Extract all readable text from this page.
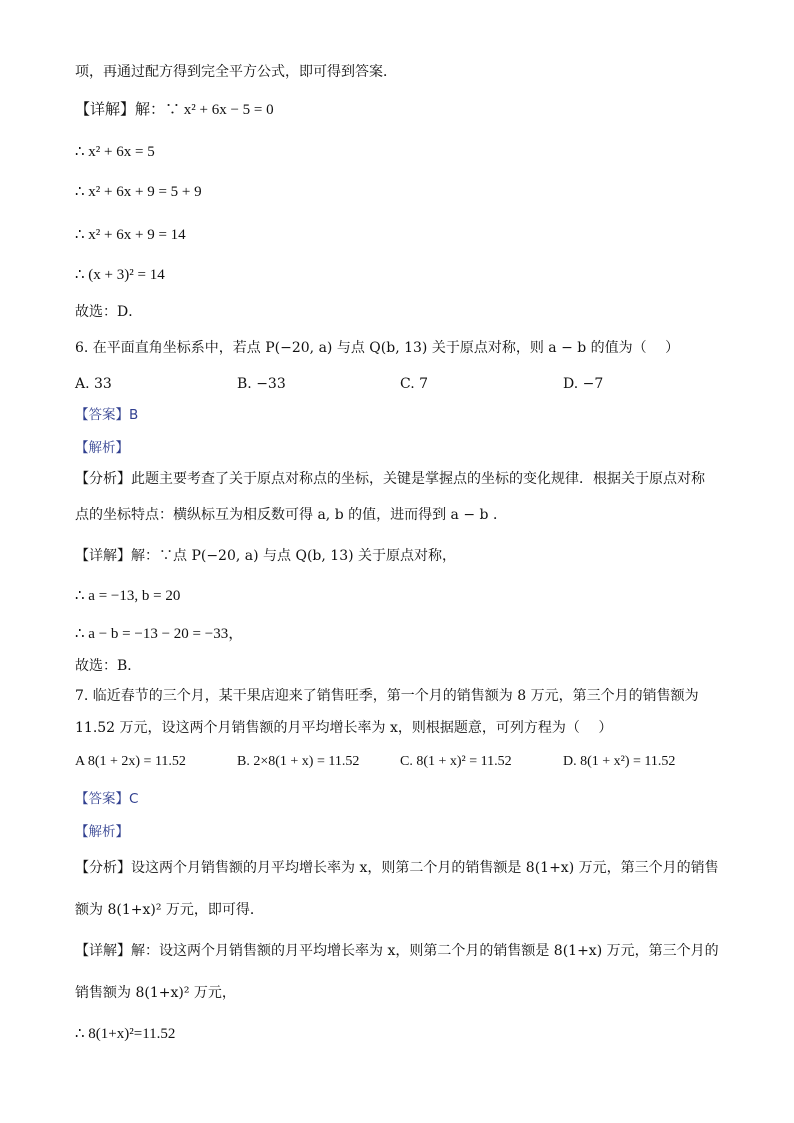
项，再通过配方得到完全平方公式，即可得到答案．
【详解】解：∵ x² + 6x − 5 = 0
∴ x² + 6x = 5
∴ x² + 6x + 9 = 5 + 9
∴ x² + 6x + 9 = 14
∴ (x + 3)² = 14
故选：D．
6. 在平面直角坐标系中，若点 P(−20, a) 与点 Q(b, 13) 关于原点对称，则 a − b 的值为（　 ）
A. 33	B. −33	C. 7	D. −7
【答案】B
【解析】
【分析】此题主要考查了关于原点对称点的坐标，关键是掌握点的坐标的变化规律．根据关于原点对称
点的坐标特点：横纵标互为相反数可得 a, b 的值，进而得到 a − b ．
【详解】解：∵点 P(−20, a) 与点 Q(b, 13) 关于原点对称，
∴ a = −13, b = 20
∴ a − b = −13 − 20 = −33，
故选：B．
7. 临近春节的三个月，某干果店迎来了销售旺季，第一个月的销售额为 8 万元，第三个月的销售额为
11.52 万元，设这两个月销售额的月平均增长率为 x，则根据题意，可列方程为（　 ）
A 8(1 + 2x) = 11.52	B. 2×8(1 + x) = 11.52	C. 8(1 + x)² = 11.52	D. 8(1 + x²) = 11.52
【答案】C
【解析】
【分析】设这两个月销售额的月平均增长率为 x，则第二个月的销售额是 8(1+x) 万元，第三个月的销售
额为 8(1+x)² 万元，即可得．
【详解】解：设这两个月销售额的月平均增长率为 x，则第二个月的销售额是 8(1+x) 万元，第三个月的
销售额为 8(1+x)² 万元，
∴ 8(1+x)²=11.52
